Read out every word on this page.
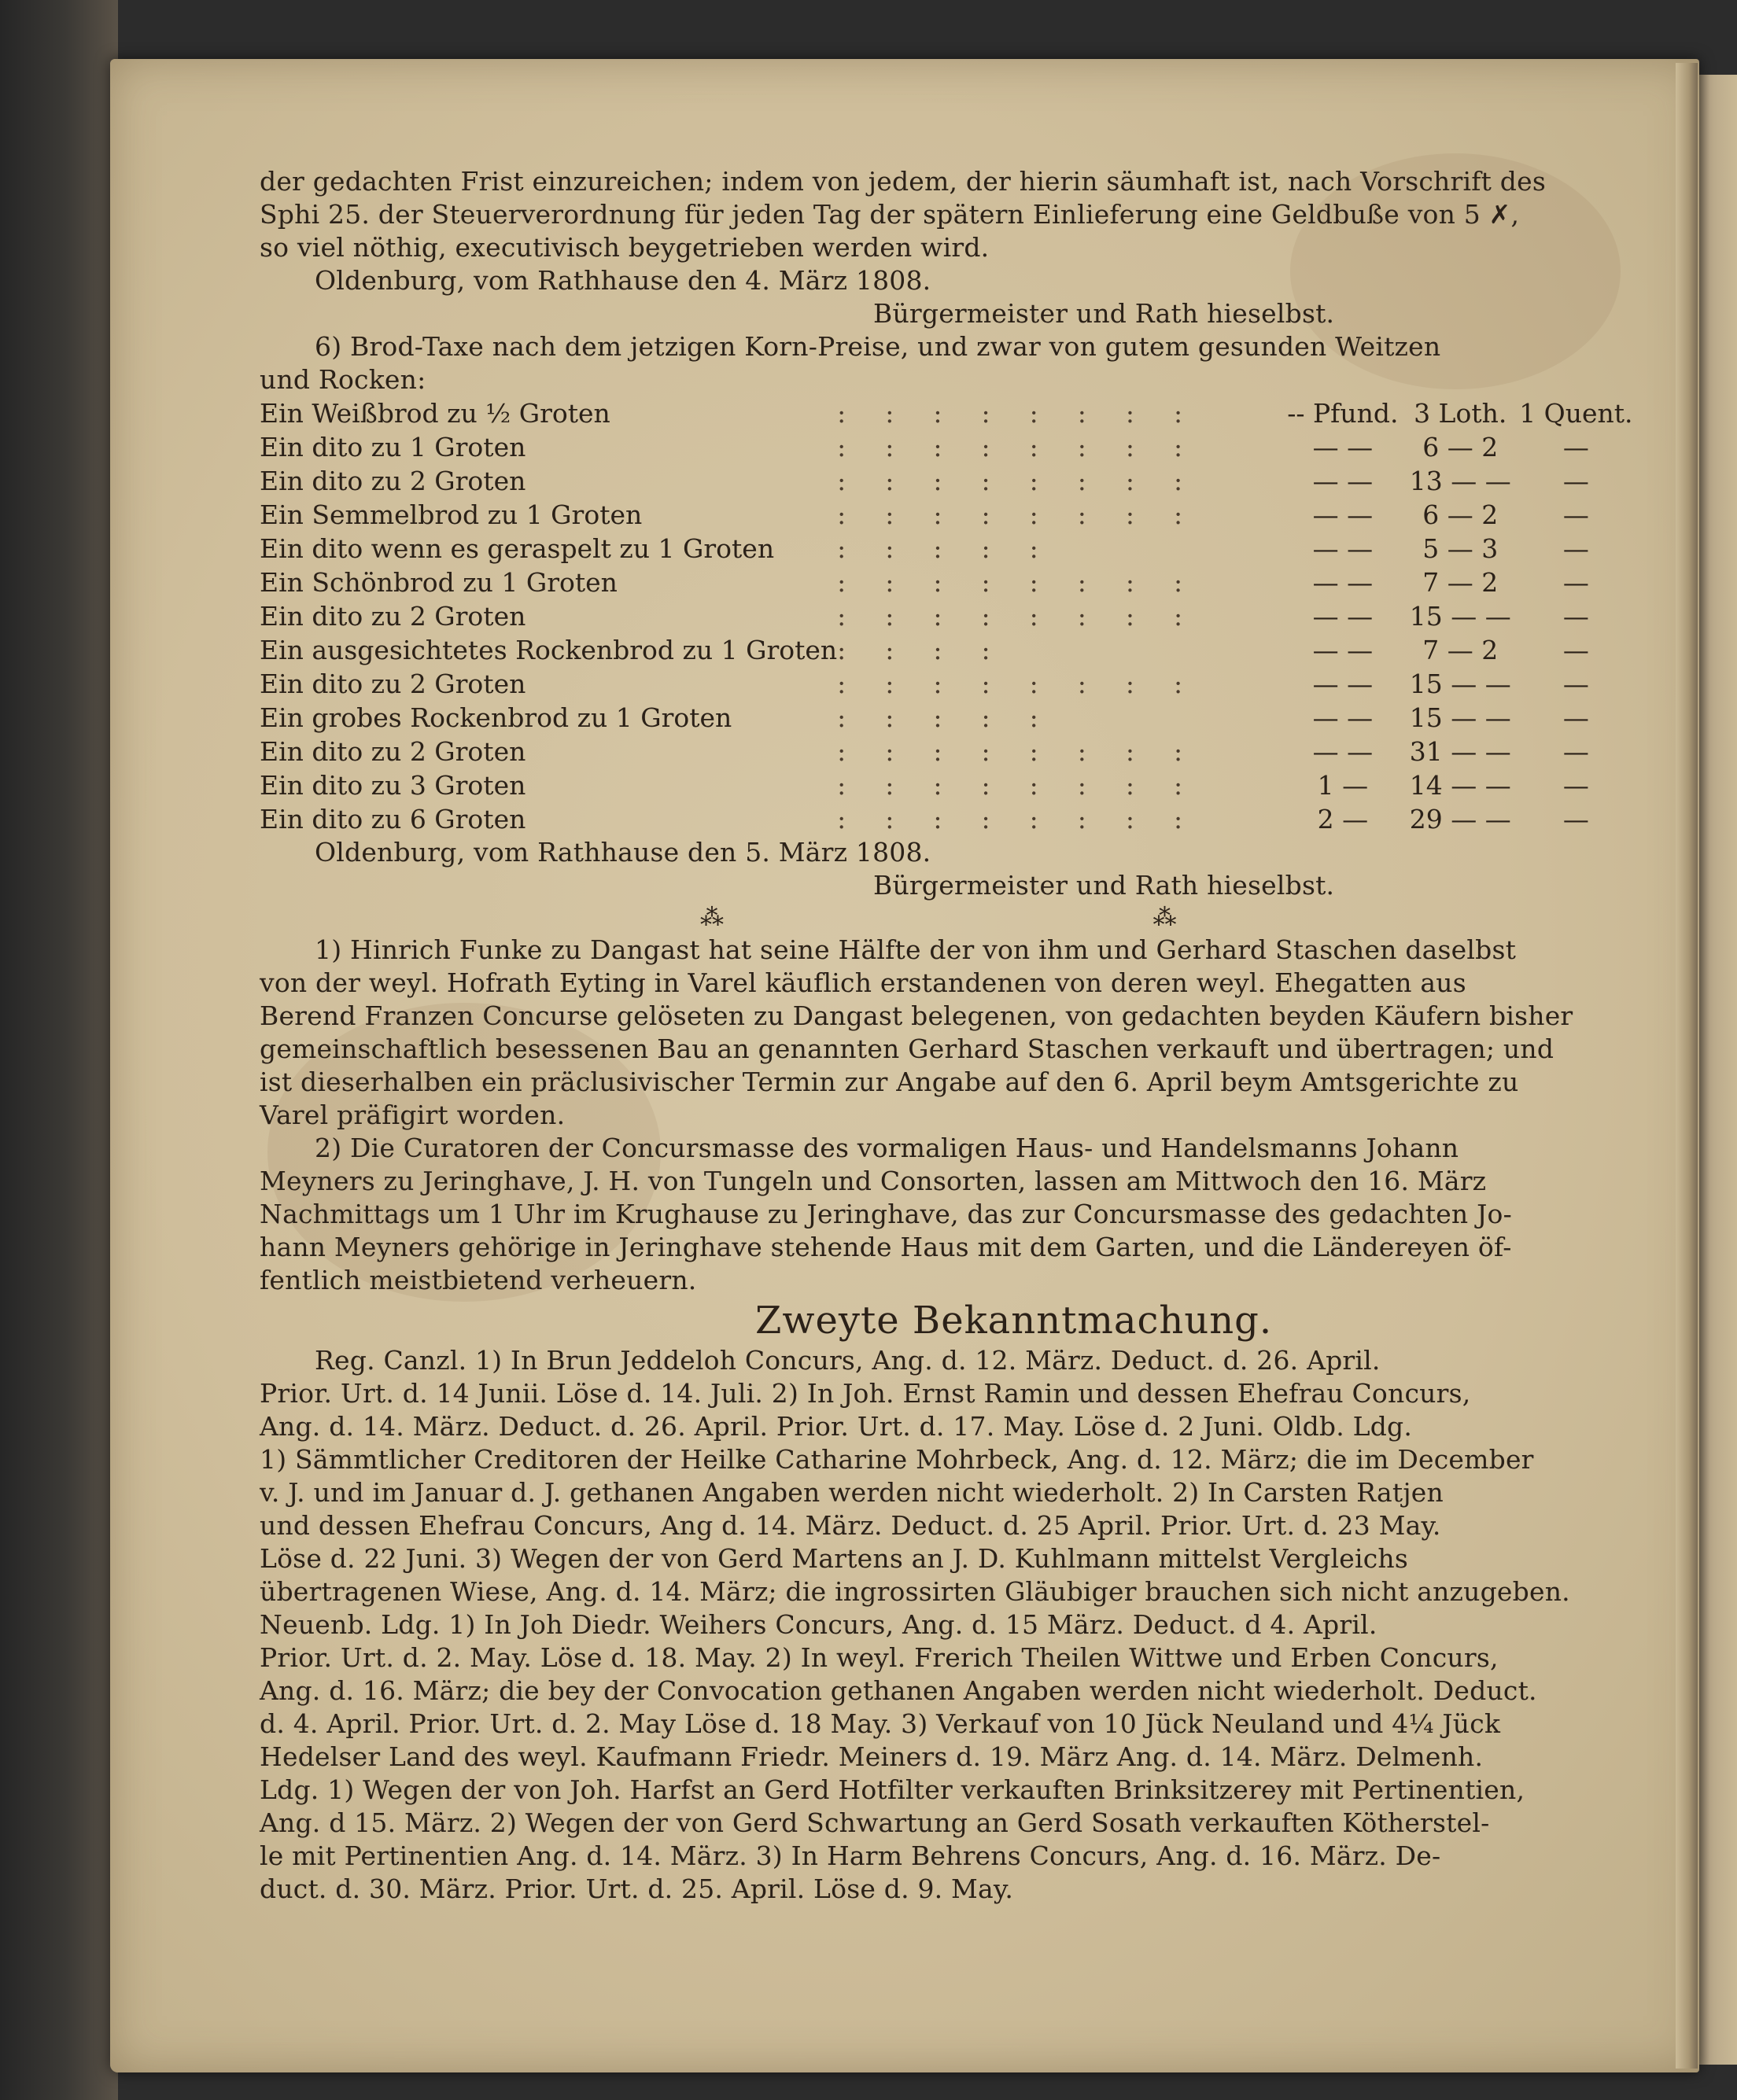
der gedachten Frist einzureichen; indem von jedem, der hierin säumhaft ist, nach Vorschrift des
Sphi 25. der Steuerverordnung für jeden Tag der spätern Einlieferung eine Geldbuße von 5 ✗,
so viel nöthig, executivisch beygetrieben werden wird.
Oldenburg, vom Rathhause den 4. März 1808.
Bürgermeister und Rath hieselbst.
6) Brod-Taxe nach dem jetzigen Korn-Preise, und zwar von gutem gesunden Weitzen
und Rocken:
Ein Weißbrod zu ½ Groten	::::::::	-- Pfund.	3 Loth.	1 Quent.
Ein dito zu 1 Groten	::::::::	— —	6 — 2	—
Ein dito zu 2 Groten	::::::::	— —	13 — —	—
Ein Semmelbrod zu 1 Groten	::::::::	— —	6 — 2	—
Ein dito wenn es geraspelt zu 1 Groten	:::::	— —	5 — 3	—
Ein Schönbrod zu 1 Groten	::::::::	— —	7 — 2	—
Ein dito zu 2 Groten	::::::::	— —	15 — —	—
Ein ausgesichtetes Rockenbrod zu 1 Groten	::::	— —	7 — 2	—
Ein dito zu 2 Groten	::::::::	— —	15 — —	—
Ein grobes Rockenbrod zu 1 Groten	:::::	— —	15 — —	—
Ein dito zu 2 Groten	::::::::	— —	31 — —	—
Ein dito zu 3 Groten	::::::::	1 —	14 — —	—
Ein dito zu 6 Groten	::::::::	2 —	29 — —	—
Oldenburg, vom Rathhause den 5. März 1808.
Bürgermeister und Rath hieselbst.
⁂                                        ⁂
1) Hinrich Funke zu Dangast hat seine Hälfte der von ihm und Gerhard Staschen daselbst
von der weyl. Hofrath Eyting in Varel käuflich erstandenen von deren weyl. Ehegatten aus
Berend Franzen Concurse gelöseten zu Dangast belegenen, von gedachten beyden Käufern bisher
gemeinschaftlich besessenen Bau an genannten Gerhard Staschen verkauft und übertragen; und
ist dieserhalben ein präclusivischer Termin zur Angabe auf den 6. April beym Amtsgerichte zu
Varel präfigirt worden.
2) Die Curatoren der Concursmasse des vormaligen Haus- und Handelsmanns Johann
Meyners zu Jeringhave, J. H. von Tungeln und Consorten, lassen am Mittwoch den 16. März
Nachmittags um 1 Uhr im Krughause zu Jeringhave, das zur Concursmasse des gedachten Jo-
hann Meyners gehörige in Jeringhave stehende Haus mit dem Garten, und die Ländereyen öf-
fentlich meistbietend verheuern.
Zweyte Bekanntmachung.
Reg. Canzl. 1) In Brun Jeddeloh Concurs, Ang. d. 12. März. Deduct. d. 26. April.
Prior. Urt. d. 14 Junii. Löse d. 14. Juli. 2) In Joh. Ernst Ramin und dessen Ehefrau Concurs,
Ang. d. 14. März. Deduct. d. 26. April. Prior. Urt. d. 17. May. Löse d. 2 Juni. Oldb. Ldg.
1) Sämmtlicher Creditoren der Heilke Catharine Mohrbeck, Ang. d. 12. März; die im December
v. J. und im Januar d. J. gethanen Angaben werden nicht wiederholt. 2) In Carsten Ratjen
und dessen Ehefrau Concurs, Ang d. 14. März. Deduct. d. 25 April. Prior. Urt. d. 23 May.
Löse d. 22 Juni. 3) Wegen der von Gerd Martens an J. D. Kuhlmann mittelst Vergleichs
übertragenen Wiese, Ang. d. 14. März; die ingrossirten Gläubiger brauchen sich nicht anzugeben.
Neuenb. Ldg. 1) In Joh Diedr. Weihers Concurs, Ang. d. 15 März. Deduct. d 4. April.
Prior. Urt. d. 2. May. Löse d. 18. May. 2) In weyl. Frerich Theilen Wittwe und Erben Concurs,
Ang. d. 16. März; die bey der Convocation gethanen Angaben werden nicht wiederholt. Deduct.
d. 4. April. Prior. Urt. d. 2. May Löse d. 18 May. 3) Verkauf von 10 Jück Neuland und 4¼ Jück
Hedelser Land des weyl. Kaufmann Friedr. Meiners d. 19. März Ang. d. 14. März. Delmenh.
Ldg. 1) Wegen der von Joh. Harfst an Gerd Hotfilter verkauften Brinksitzerey mit Pertinentien,
Ang. d 15. März. 2) Wegen der von Gerd Schwartung an Gerd Sosath verkauften Kötherstel-
le mit Pertinentien Ang. d. 14. März. 3) In Harm Behrens Concurs, Ang. d. 16. März. De-
duct. d. 30. März. Prior. Urt. d. 25. April. Löse d. 9. May.
